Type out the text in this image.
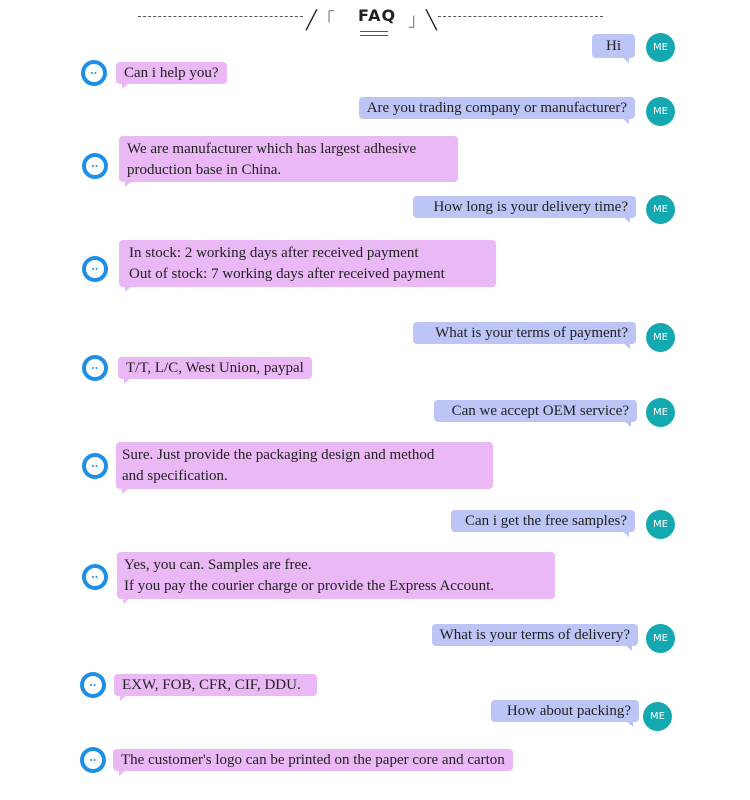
╱「 FAQ 」╲
Hi	ME
Can i help you?
Are you trading company or manufacturer?	ME
We are manufacturer which has largest adhesive
production base in China.
How long is your delivery time?	ME
In stock: 2 working days after received payment
Out of stock: 7 working days after received payment
What is your terms of payment?	ME
T/T, L/C, West Union, paypal
Can we accept OEM service?	ME
Sure. Just provide the packaging design and method
and specification.
Can i get the free samples?	ME
Yes, you can. Samples are free.
If you pay the courier charge or provide the Express Account.
What is your terms of delivery?	ME
EXW, FOB, CFR, CIF, DDU.
How about packing?	ME
The customer's logo can be printed on the paper core and carton
